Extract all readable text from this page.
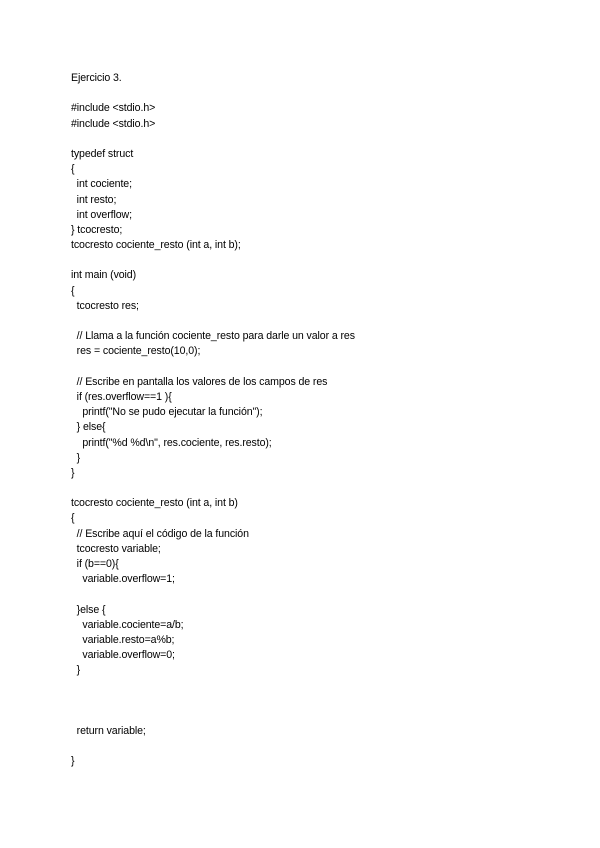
Ejercicio 3.
#include <stdio.h>
#include <stdio.h>
typedef struct
{
int cociente;
int resto;
int overflow;
} tcocresto;
tcocresto cociente_resto (int a, int b);
int main (void)
{
tcocresto res;
// Llama a la función cociente_resto para darle un valor a res
res = cociente_resto(10,0);
// Escribe en pantalla los valores de los campos de res
if (res.overflow==1 ){
printf("No se pudo ejecutar la función");
} else{
printf("%d %d\n", res.cociente, res.resto);
}
}
tcocresto cociente_resto (int a, int b)
{
// Escribe aquí el código de la función
tcocresto variable;
if (b==0){
variable.overflow=1;
}else {
variable.cociente=a/b;
variable.resto=a%b;
variable.overflow=0;
}
return variable;
}
